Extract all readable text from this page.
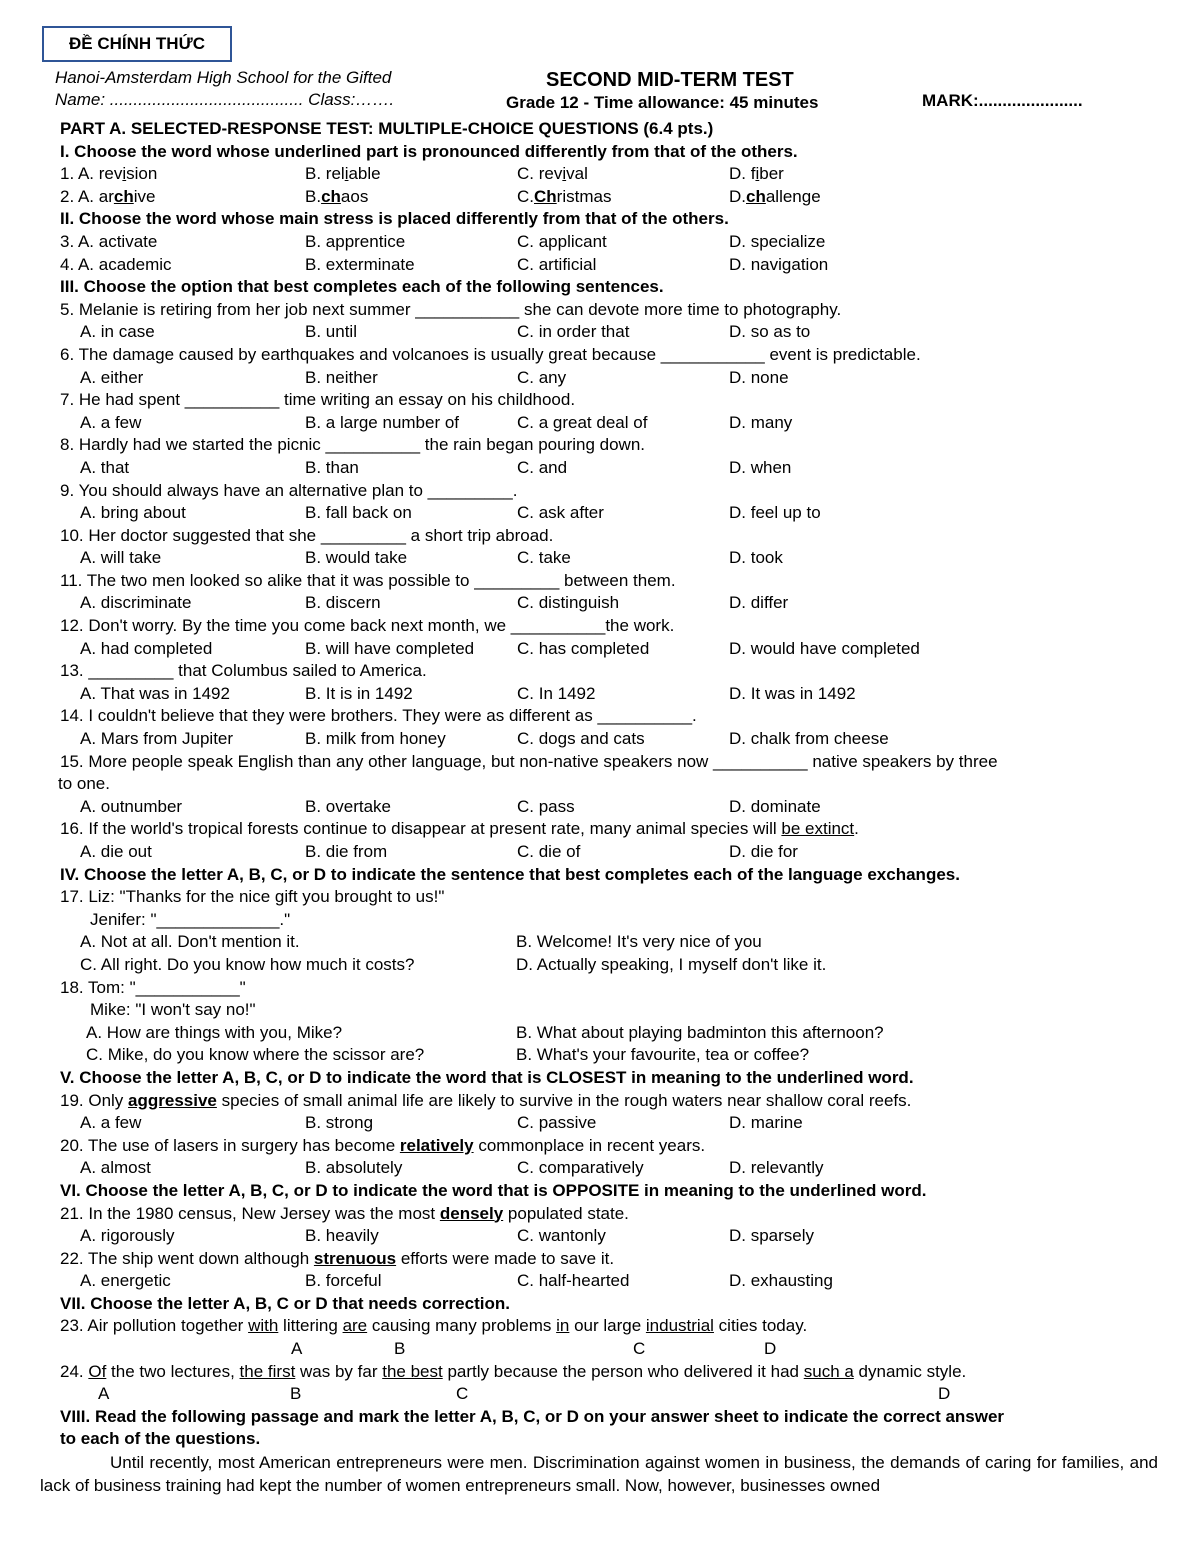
ĐỀ CHÍNH THỨC
Hanoi-Amsterdam High School for the Gifted
Name: ......................................... Class:…….
SECOND MID-TERM TEST
Grade 12 - Time allowance: 45 minutes	MARK:......................
PART A. SELECTED-RESPONSE TEST: MULTIPLE-CHOICE QUESTIONS (6.4 pts.)
I. Choose the word whose underlined part is pronounced differently from that of the others.
1. A. revision	B. reliable	C. revival	D. fiber
2. A. archive	B.chaos	C.Christmas	D.challenge
II. Choose the word whose main stress is placed differently from that of the others.
3. A. activate	B. apprentice	C. applicant	D. specialize
4. A. academic	B. exterminate	C. artificial	D. navigation
III. Choose the option that best completes each of the following sentences.
5. Melanie is retiring from her job next summer ___________ she can devote more time to photography.
A. in case	B. until	C. in order that	D. so as to
6. The damage caused by earthquakes and volcanoes is usually great because ___________ event is predictable.
A. either	B. neither	C. any	D. none
7. He had spent __________ time writing an essay on his childhood.
A. a few	B. a large number of	C. a great deal of	D. many
8. Hardly had we started the picnic __________ the rain began pouring down.
A. that	B. than	C. and	D. when
9. You should always have an alternative plan to _________.
A. bring about	B. fall back on	C. ask after	D. feel up to
10. Her doctor suggested that she _________ a short trip abroad.
A. will take	B. would take	C. take	D. took
11. The two men looked so alike that it was possible to _________ between them.
A. discriminate	B. discern	C. distinguish	D. differ
12. Don't worry. By the time you come back next month, we __________the work.
A. had completed	B. will have completed	C. has completed	D. would have completed
13. _________ that Columbus sailed to America.
A. That was in 1492	B. It is in 1492	C. In 1492	D. It was in 1492
14. I couldn't believe that they were brothers. They were as different as __________.
A. Mars from Jupiter	B. milk from honey	C. dogs and cats	D. chalk from cheese
15. More people speak English than any other language, but non-native speakers now __________ native speakers by three
to one.
A. outnumber	B. overtake	C. pass	D. dominate
16. If the world's tropical forests continue to disappear at present rate, many animal species will be extinct.
A. die out	B. die from	C. die of	D. die for
IV. Choose the letter A, B, C, or D to indicate the sentence that best completes each of the language exchanges.
17. Liz: "Thanks for the nice gift you brought to us!"
Jenifer: "_____________."
A. Not at all. Don't mention it.	B. Welcome! It's very nice of you
C. All right. Do you know how much it costs?	D. Actually speaking, I myself don't like it.
18. Tom: "___________"
Mike: "I won't say no!"
A. How are things with you, Mike?	B. What about playing badminton this afternoon?
C. Mike, do you know where the scissor are?	B. What's your favourite, tea or coffee?
V. Choose the letter A, B, C, or D to indicate the word that is CLOSEST in meaning to the underlined word.
19. Only aggressive species of small animal life are likely to survive in the rough waters near shallow coral reefs.
A. a few	B. strong	C. passive	D. marine
20. The use of lasers in surgery has become relatively commonplace in recent years.
A. almost	B. absolutely	C. comparatively	D. relevantly
VI. Choose the letter A, B, C, or D to indicate the word that is OPPOSITE in meaning to the underlined word.
21. In the 1980 census, New Jersey was the most densely populated state.
A. rigorously	B. heavily	C. wantonly	D. sparsely
22. The ship went down although strenuous efforts were made to save it.
A. energetic	B. forceful	C. half-hearted	D. exhausting
VII. Choose the letter A, B, C or D that needs correction.
23. Air pollution together with littering are causing many problems in our large industrial cities today.
A	B	C	D
24. Of the two lectures, the first was by far the best partly because the person who delivered it had such a dynamic style.
A	B	C	D
VIII. Read the following passage and mark the letter A, B, C, or D on your answer sheet to indicate the correct answer
to each of the questions.
Until recently, most American entrepreneurs were men. Discrimination against women in business, the demands of caring for families, and lack of business training had kept the number of women entrepreneurs small. Now, however, businesses owned
